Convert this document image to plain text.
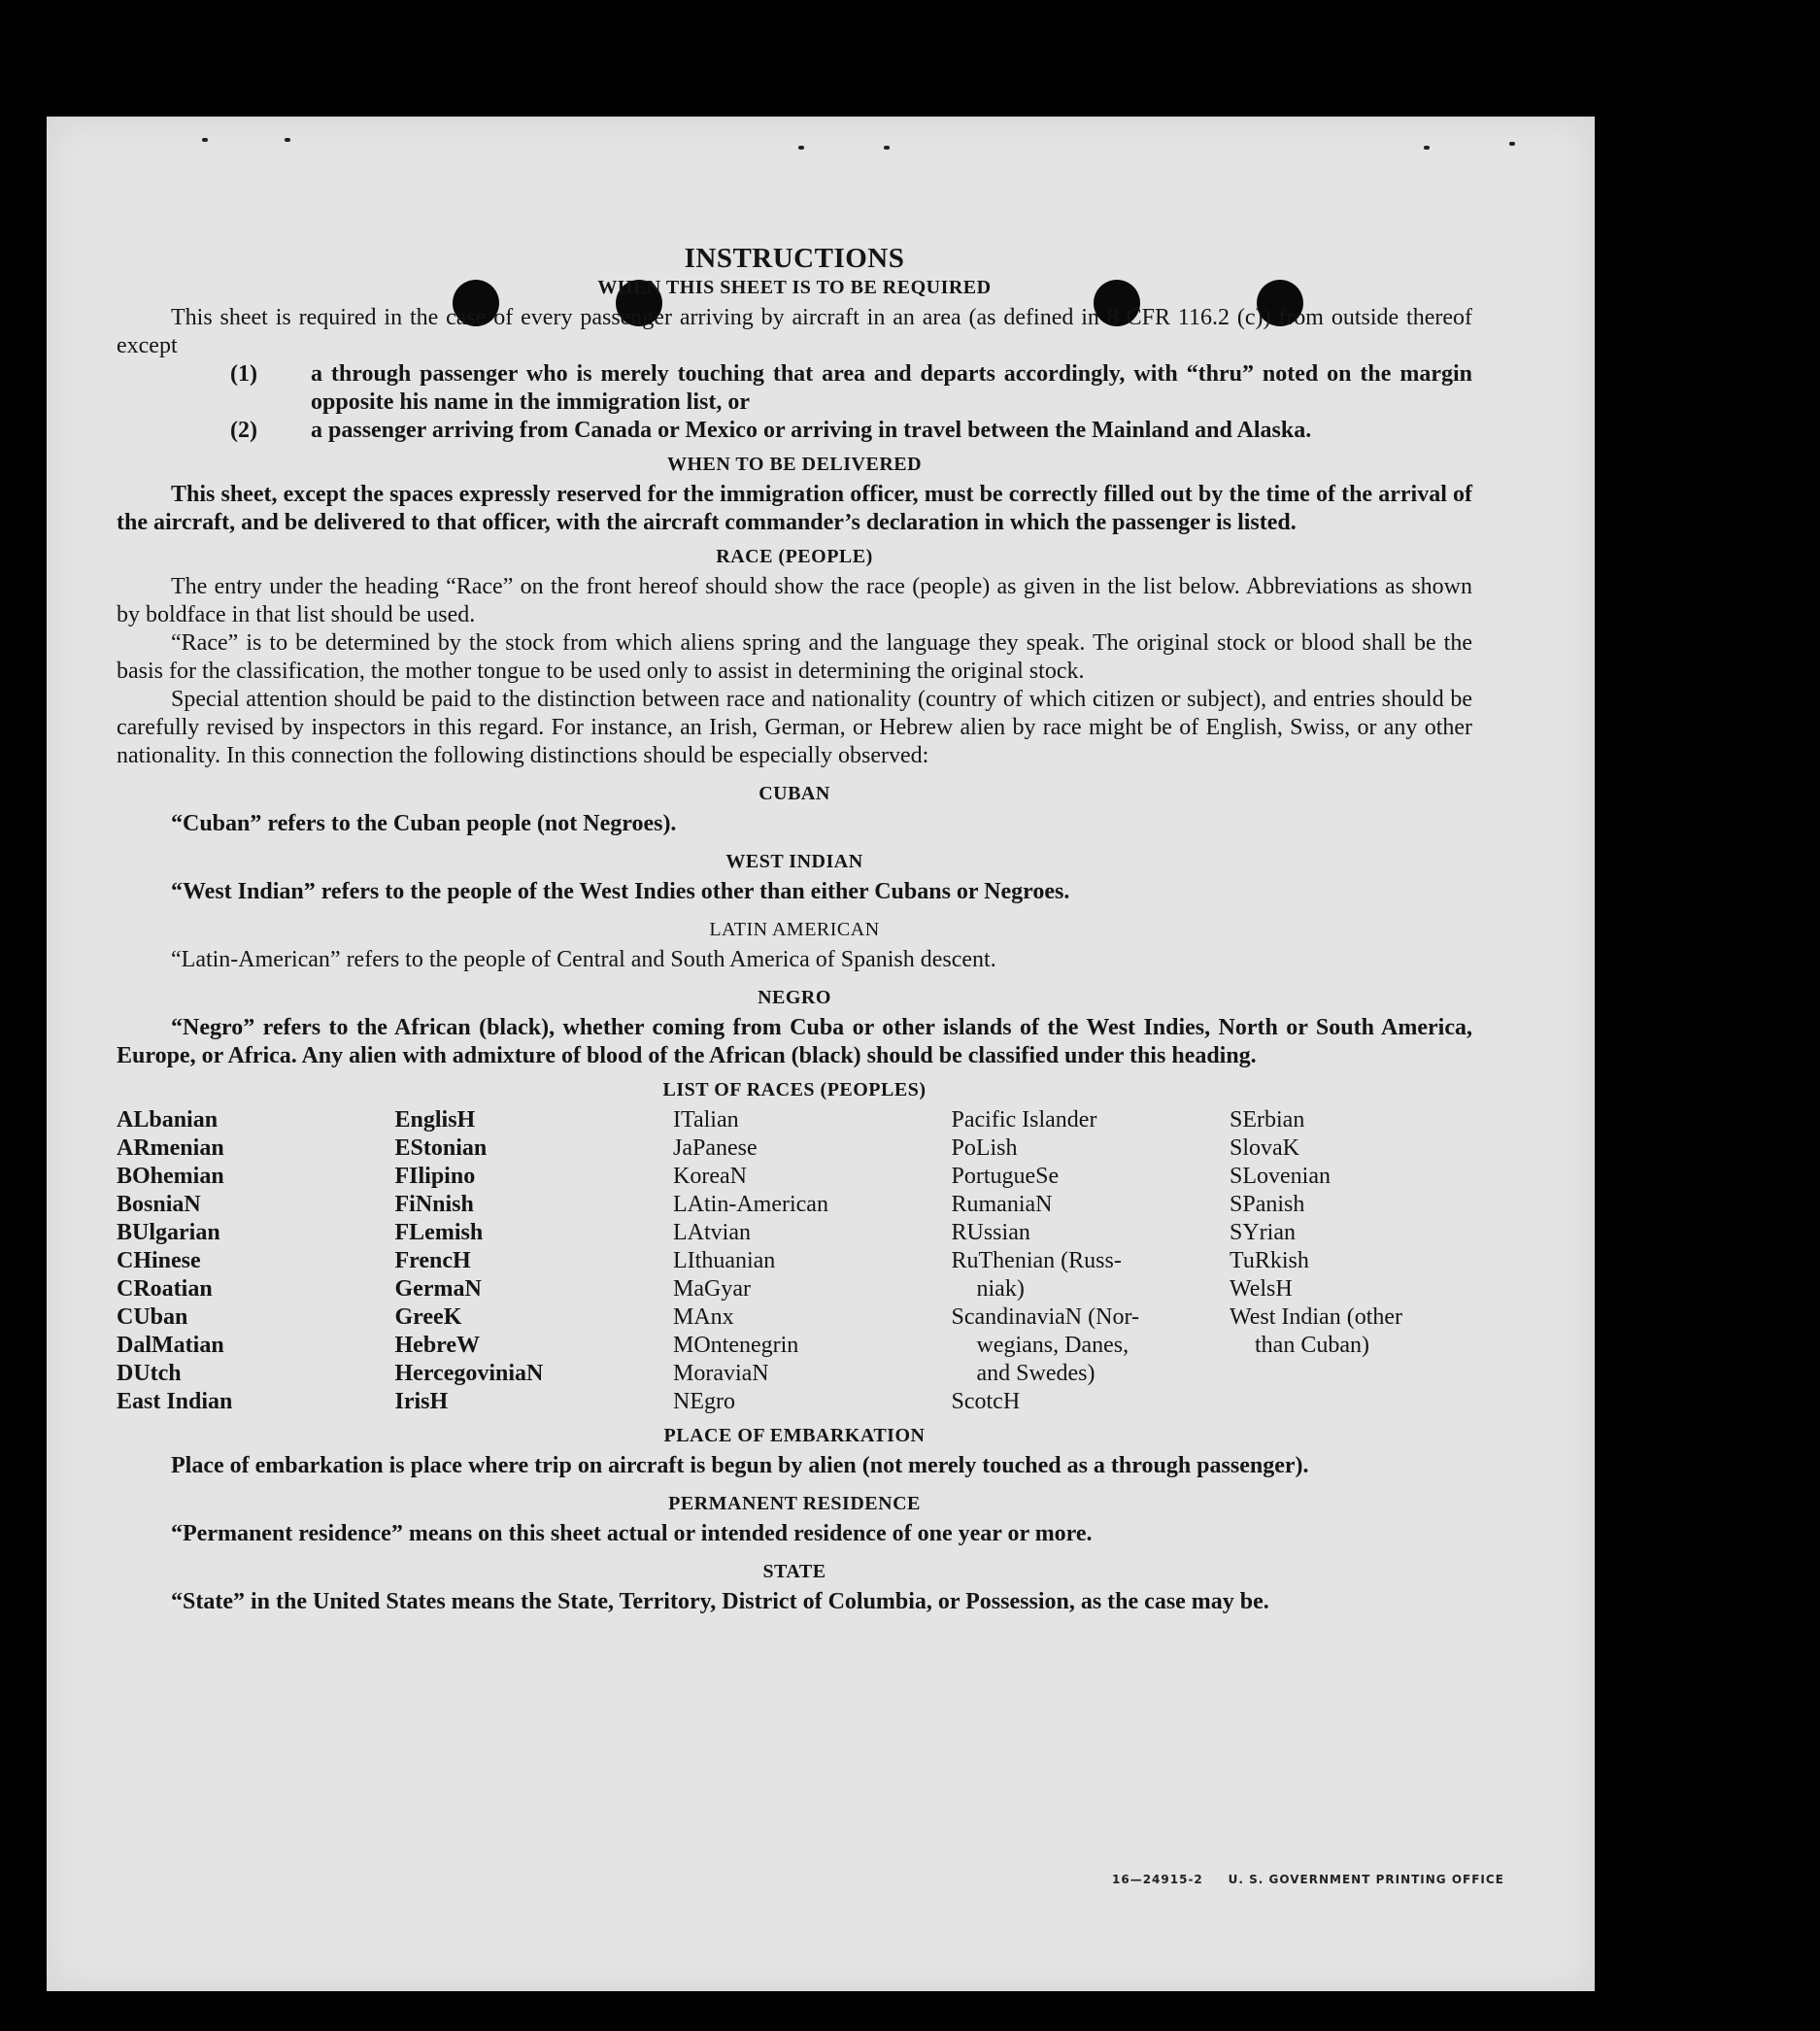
INSTRUCTIONS
WHEN THIS SHEET IS TO BE REQUIRED

This sheet is required in the case of every passenger arriving by aircraft in an area (as defined in 8 CFR 116.2 (c)) from outside thereof except

(1) a through passenger who is merely touching that area and departs accordingly, with “thru” noted on the margin opposite his name in the immigration list, or
(2) a passenger arriving from Canada or Mexico or arriving in travel between the Mainland and Alaska.
WHEN TO BE DELIVERED

This sheet, except the spaces expressly reserved for the immigration officer, must be correctly filled out by the time of the arrival of the aircraft, and be delivered to that officer, with the aircraft commander’s declaration in which the passenger is listed.

RACE (PEOPLE)

The entry under the heading “Race” on the front hereof should show the race (people) as given in the list below. Abbreviations as shown by boldface in that list should be used.

“Race” is to be determined by the stock from which aliens spring and the language they speak. The original stock or blood shall be the basis for the classification, the mother tongue to be used only to assist in determining the original stock.

Special attention should be paid to the distinction between race and nationality (country of which citizen or subject), and entries should be carefully revised by inspectors in this regard. For instance, an Irish, German, or Hebrew alien by race might be of English, Swiss, or any other nationality. In this connection the following distinctions should be especially observed:

CUBAN

“Cuban” refers to the Cuban people (not Negroes).

WEST INDIAN

“West Indian” refers to the people of the West Indies other than either Cubans or Negroes.

LATIN AMERICAN

“Latin-American” refers to the people of Central and South America of Spanish descent.

NEGRO

“Negro” refers to the African (black), whether coming from Cuba or other islands of the West Indies, North or South America, Europe, or Africa. Any alien with admixture of blood of the African (black) should be classified under this heading.

LIST OF RACES (PEOPLES)
ALbanian
ARmenian
BOhemian
BosniaN
BUlgarian
CHinese
CRoatian
CUban
DalMatian
DUtch
East Indian
EnglisH
EStonian
FIlipino
FiNnish
FLemish
FrencH
GermaN
GreeK
HebreW
HercegoviniaN
IrisH
ITalian
JaPanese
KoreaN
LAtin-American
LAtvian
LIthuanian
MaGyar
MAnx
MOntenegrin
MoraviaN
NEgro
Pacific Islander
PoLish
PortugueSe
RumaniaN
RUssian
RuThenian (Russ-
niak)
ScandinaviaN (Nor-
wegians, Danes,
and Swedes)
ScotcH
SErbian
SlovaK
SLovenian
SPanish
SYrian
TuRkish
WelsH
West Indian (other
than Cuban)
PLACE OF EMBARKATION

Place of embarkation is place where trip on aircraft is begun by alien (not merely touched as a through passenger).

PERMANENT RESIDENCE

“Permanent residence” means on this sheet actual or intended residence of one year or more.

STATE

“State” in the United States means the State, Territory, District of Columbia, or Possession, as the case may be.

16—24915-2 U. S. GOVERNMENT PRINTING OFFICE
